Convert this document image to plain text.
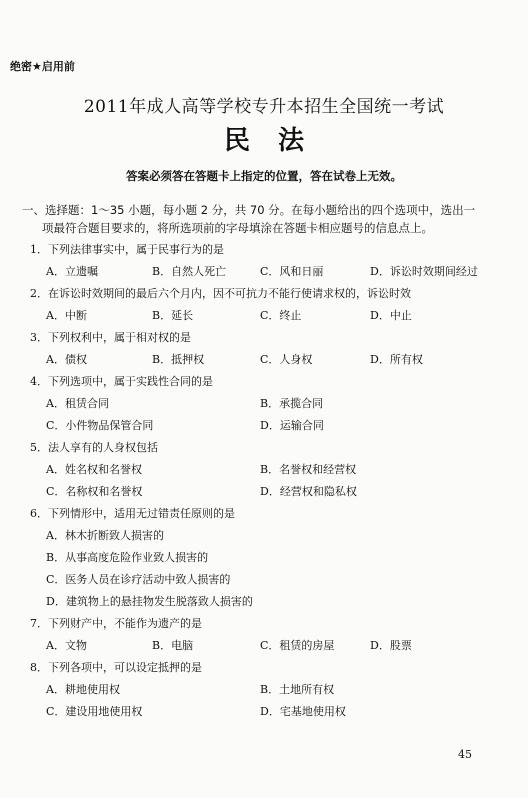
绝密★启用前
2011年成人高等学校专升本招生全国统一考试
民法
答案必须答在答题卡上指定的位置，答在试卷上无效。
一、选择题：1～35 小题，每小题 2 分，共 70 分。在每小题给出的四个选项中，选出一
项最符合题目要求的，将所选项前的字母填涂在答题卡相应题号的信息点上。
1．下列法律事实中，属于民事行为的是
A．立遗嘱	B．自然人死亡	C．风和日丽	D．诉讼时效期间经过
2．在诉讼时效期间的最后六个月内，因不可抗力不能行使请求权的，诉讼时效
A．中断	B．延长	C．终止	D．中止
3．下列权利中，属于相对权的是
A．债权	B．抵押权	C．人身权	D．所有权
4．下列选项中，属于实践性合同的是
A．租赁合同	B．承揽合同
C．小件物品保管合同	D．运输合同
5．法人享有的人身权包括
A．姓名权和名誉权	B．名誉权和经营权
C．名称权和名誉权	D．经营权和隐私权
6．下列情形中，适用无过错责任原则的是
A．林木折断致人损害的
B．从事高度危险作业致人损害的
C．医务人员在诊疗活动中致人损害的
D．建筑物上的悬挂物发生脱落致人损害的
7．下列财产中，不能作为遗产的是
A．文物	B．电脑	C．租赁的房屋	D．股票
8．下列各项中，可以设定抵押的是
A．耕地使用权	B．土地所有权
C．建设用地使用权	D．宅基地使用权
45
